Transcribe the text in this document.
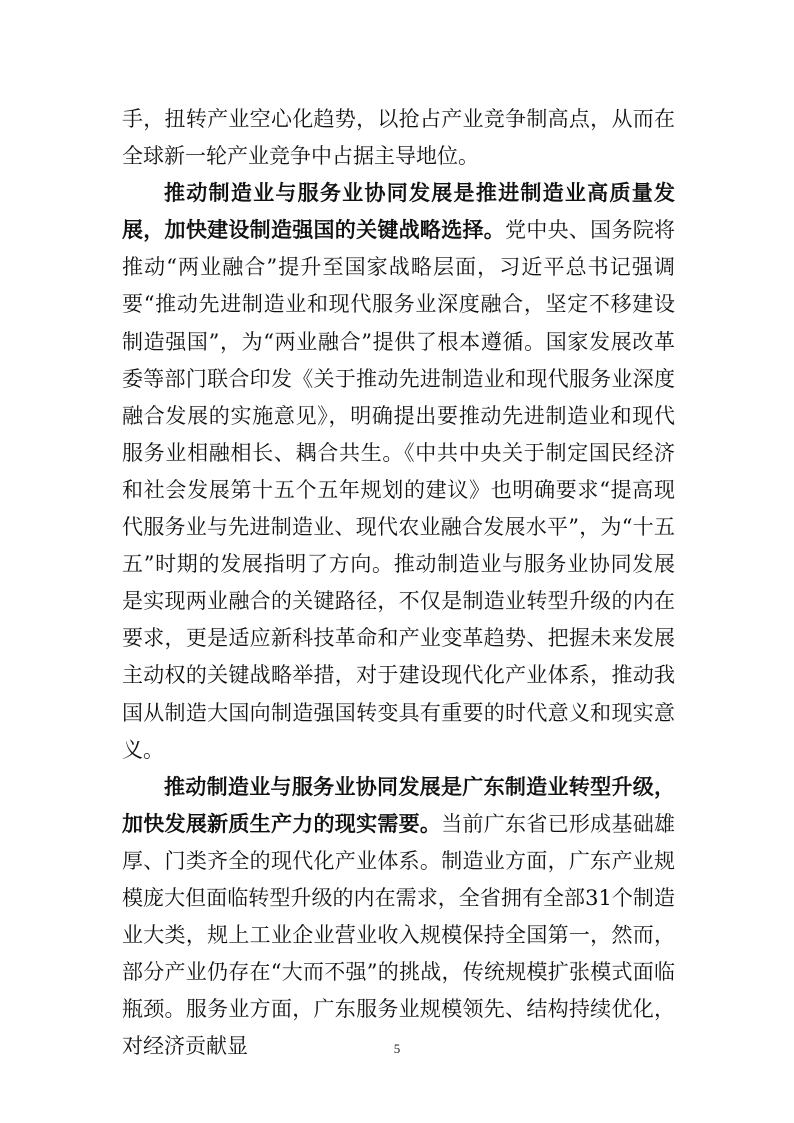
手，扭转产业空心化趋势，以抢占产业竞争制高点，从而在全球新一轮产业竞争中占据主导地位。

推动制造业与服务业协同发展是推进制造业高质量发展，加快建设制造强国的关键战略选择。党中央、国务院将推动“两业融合”提升至国家战略层面，习近平总书记强调要“推动先进制造业和现代服务业深度融合，坚定不移建设制造强国”，为“两业融合”提供了根本遵循。国家发展改革委等部门联合印发《关于推动先进制造业和现代服务业深度融合发展的实施意见》，明确提出要推动先进制造业和现代服务业相融相长、耦合共生。《中共中央关于制定国民经济和社会发展第十五个五年规划的建议》也明确要求“提高现代服务业与先进制造业、现代农业融合发展水平”，为“十五五”时期的发展指明了方向。推动制造业与服务业协同发展是实现两业融合的关键路径，不仅是制造业转型升级的内在要求，更是适应新科技革命和产业变革趋势、把握未来发展主动权的关键战略举措，对于建设现代化产业体系，推动我国从制造大国向制造强国转变具有重要的时代意义和现实意义。

推动制造业与服务业协同发展是广东制造业转型升级，加快发展新质生产力的现实需要。当前广东省已形成基础雄厚、门类齐全的现代化产业体系。制造业方面，广东产业规模庞大但面临转型升级的内在需求，全省拥有全部31个制造业大类，规上工业企业营业收入规模保持全国第一，然而，部分产业仍存在“大而不强”的挑战，传统规模扩张模式面临瓶颈。服务业方面，广东服务业规模领先、结构持续优化，对经济贡献显	5
